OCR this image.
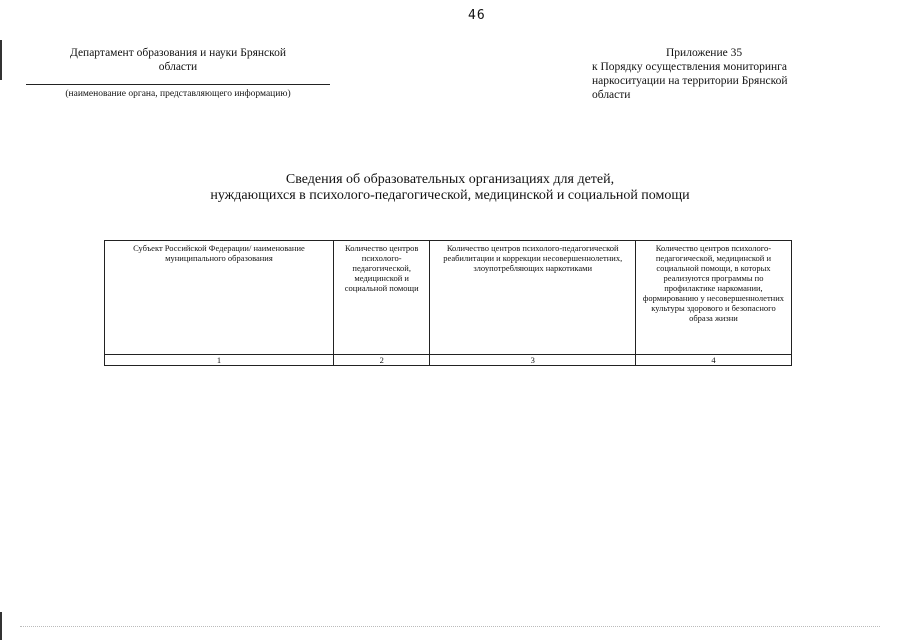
46
Департамент образования и науки Брянской
области
(наименование органа, представляющего информацию)
Приложение 35
к Порядку осуществления мониторинга
наркоситуации на территории Брянской
области
Сведения об образовательных организациях для детей,
нуждающихся в психолого-педагогической, медицинской и социальной помощи
Субъект Российской Федерации/ наименование муниципального образования	Количество центров психолого-педагогической, медицинской и социальной помощи	Количество центров психолого-педагогической реабилитации и коррекции несовершеннолетних, злоупотребляющих наркотиками	Количество центров психолого-педагогической, медицинской и социальной помощи, в которых реализуются программы по профилактике наркомании, формированию у несовершеннолетних культуры здорового и безопасного образа жизни
1	2	3	4
